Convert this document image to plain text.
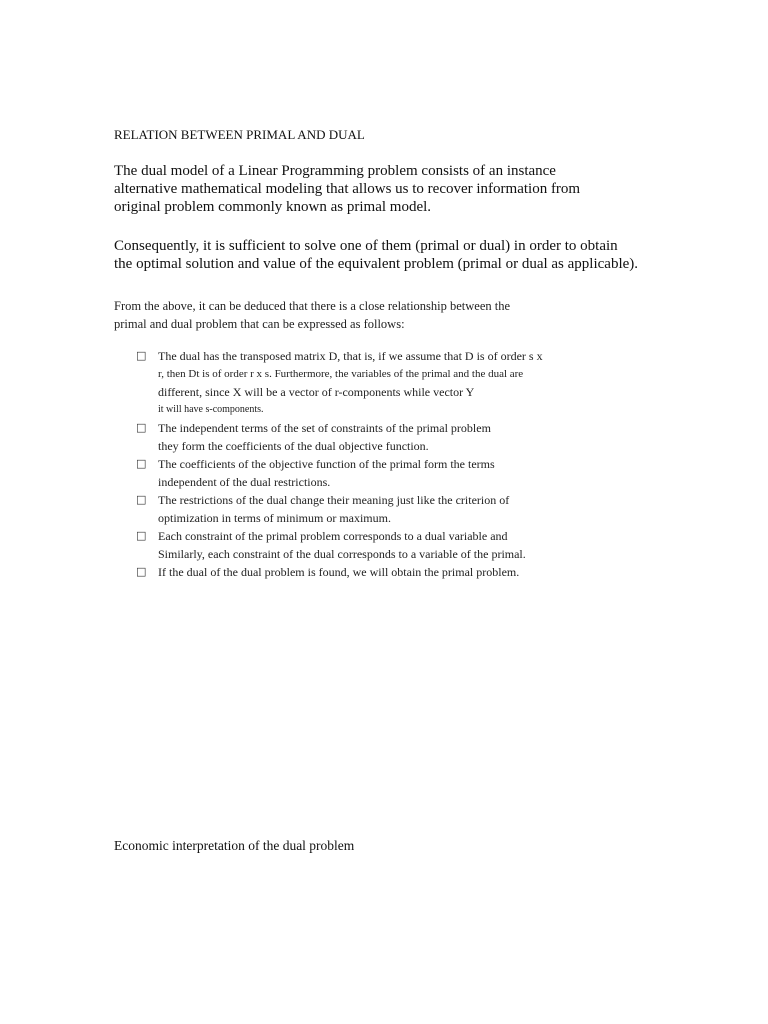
RELATION BETWEEN PRIMAL AND DUAL

The dual model of a Linear Programming problem consists of an instance
alternative mathematical modeling that allows us to recover information from
original problem commonly known as primal model.

Consequently, it is sufficient to solve one of them (primal or dual) in order to obtain
the optimal solution and value of the equivalent problem (primal or dual as applicable).

From the above, it can be deduced that there is a close relationship between the
primal and dual problem that can be expressed as follows:

□ The dual has the transposed matrix D, that is, if we assume that D is of order s x
r, then Dt is of order r x s. Furthermore, the variables of the primal and the dual are
different, since X will be a vector of r-components while vector Y
it will have s-components.
□ The independent terms of the set of constraints of the primal problem
they form the coefficients of the dual objective function.
□ The coefficients of the objective function of the primal form the terms
independent of the dual restrictions.
□ The restrictions of the dual change their meaning just like the criterion of
optimization in terms of minimum or maximum.
□ Each constraint of the primal problem corresponds to a dual variable and
Similarly, each constraint of the dual corresponds to a variable of the primal.
□ If the dual of the dual problem is found, we will obtain the primal problem.
Economic interpretation of the dual problem
